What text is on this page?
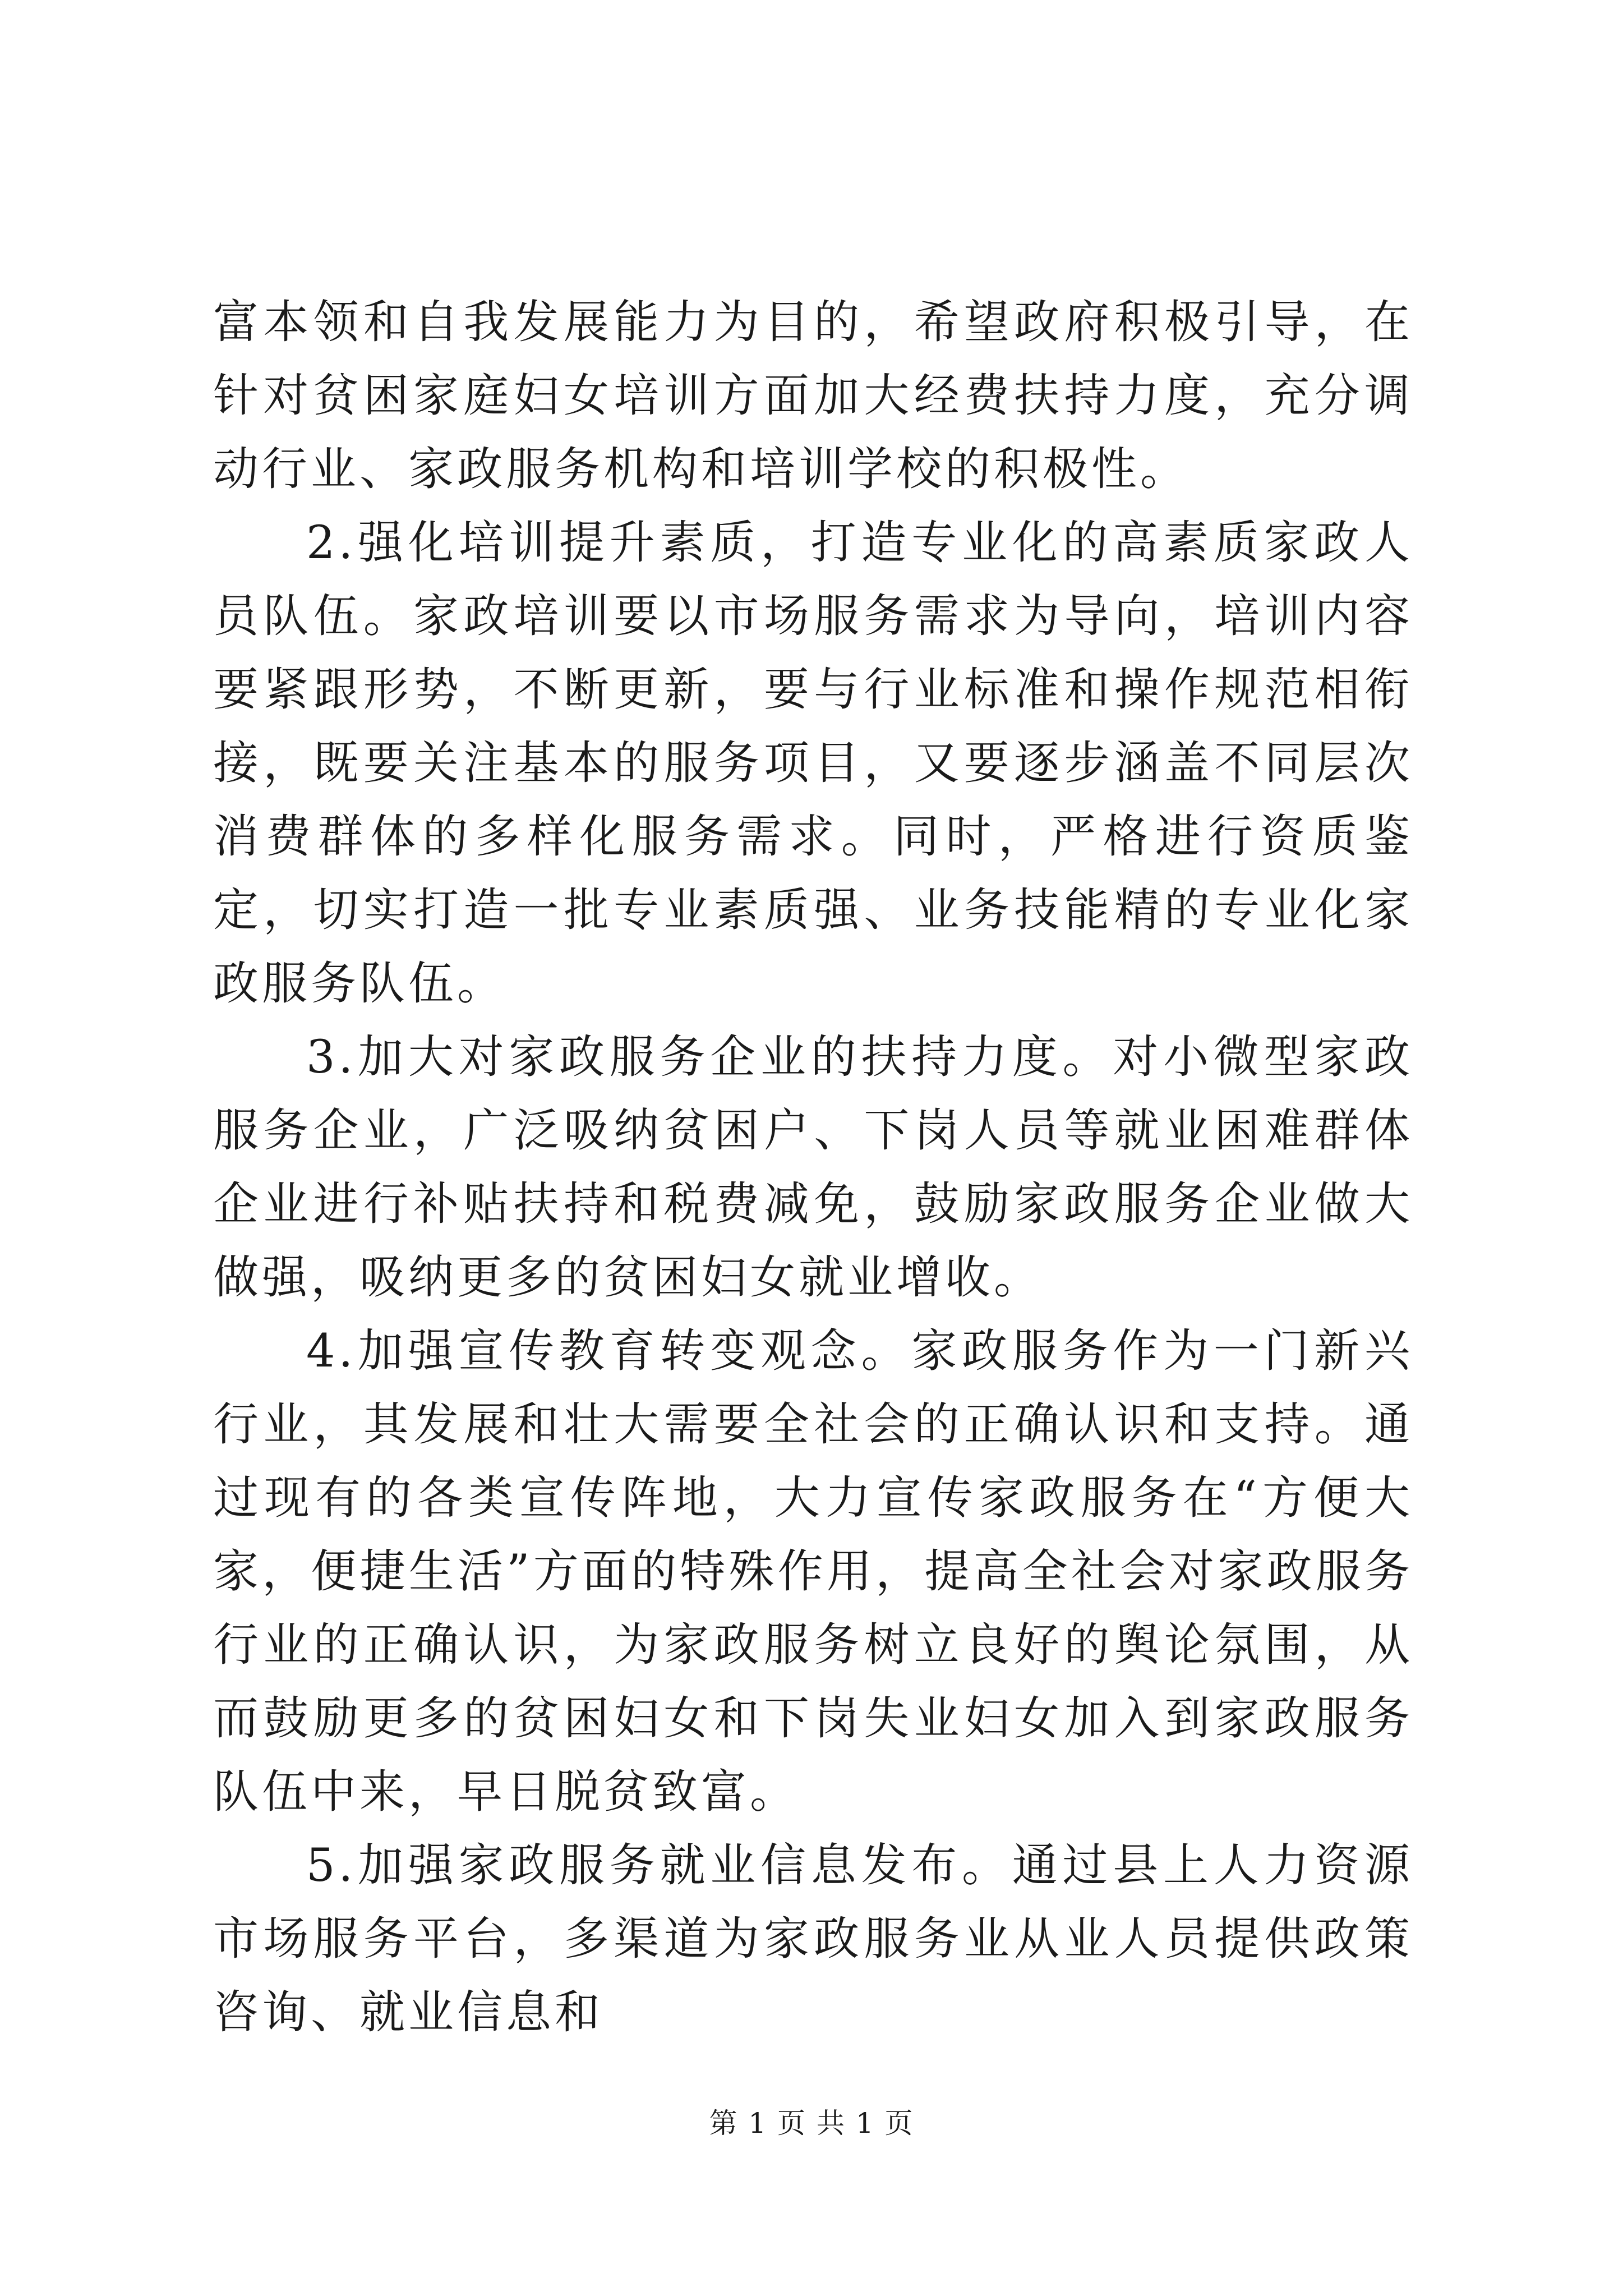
富本领和自我发展能力为目的，希望政府积极引导，在针对贫困家庭妇女培训方面加大经费扶持力度，充分调动行业、家政服务机构和培训学校的积极性。

2.强化培训提升素质，打造专业化的高素质家政人员队伍。家政培训要以市场服务需求为导向，培训内容要紧跟形势，不断更新，要与行业标准和操作规范相衔接，既要关注基本的服务项目，又要逐步涵盖不同层次消费群体的多样化服务需求。同时，严格进行资质鉴定，切实打造一批专业素质强、业务技能精的专业化家政服务队伍。

3.加大对家政服务企业的扶持力度。对小微型家政服务企业，广泛吸纳贫困户、下岗人员等就业困难群体企业进行补贴扶持和税费减免，鼓励家政服务企业做大做强，吸纳更多的贫困妇女就业增收。

4.加强宣传教育转变观念。家政服务作为一门新兴行业，其发展和壮大需要全社会的正确认识和支持。通过现有的各类宣传阵地，大力宣传家政服务在“方便大家，便捷生活”方面的特殊作用，提高全社会对家政服务行业的正确认识，为家政服务树立良好的舆论氛围，从而鼓励更多的贫困妇女和下岗失业妇女加入到家政服务队伍中来，早日脱贫致富。

5.加强家政服务就业信息发布。通过县上人力资源市场服务平台，多渠道为家政服务业从业人员提供政策咨询、就业信息和

第 1 页 共 1 页
